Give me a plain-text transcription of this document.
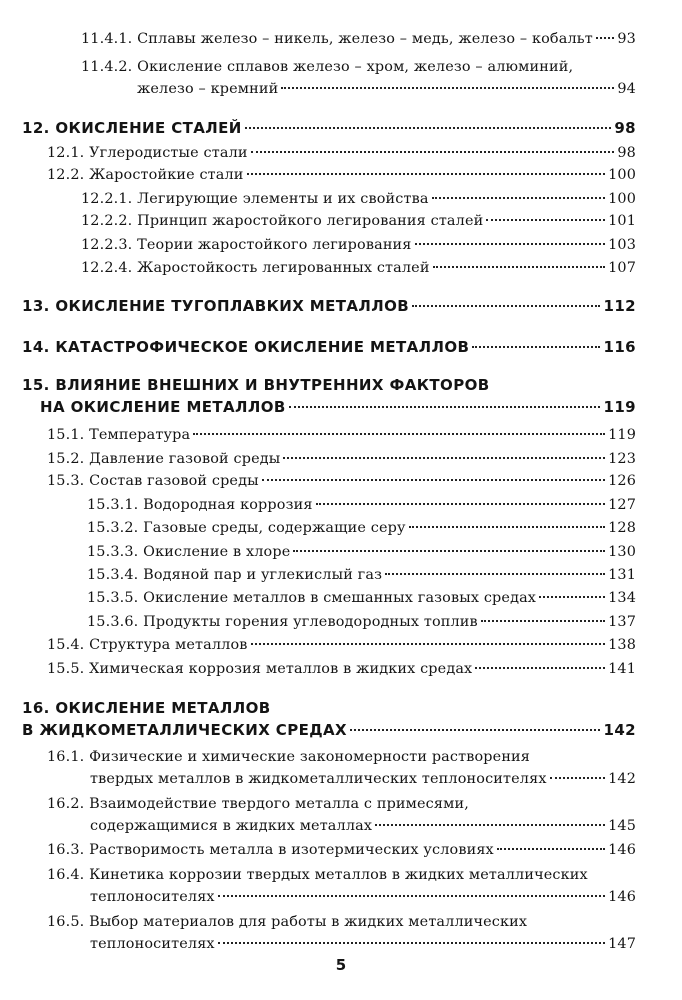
11.4.1. Сплавы железо – никель, железо – медь, железо – кобальт 93
11.4.2. Окисление сплавов железо – хром, железо – алюминий,
железо – кремний	94
12. ОКИСЛЕНИЕ СТАЛЕЙ	98
12.1. Углеродистые стали	98
12.2. Жаростойкие стали	100
12.2.1. Легирующие элементы и их свойства	100
12.2.2. Принцип жаростойкого легирования сталей	101
12.2.3. Теории жаростойкого легирования	103
12.2.4. Жаростойкость легированных сталей	107
13. ОКИСЛЕНИЕ ТУГОПЛАВКИХ МЕТАЛЛОВ	112
14. КАТАСТРОФИЧЕСКОЕ ОКИСЛЕНИЕ МЕТАЛЛОВ	116
15. ВЛИЯНИЕ ВНЕШНИХ И ВНУТРЕННИХ ФАКТОРОВ
НА ОКИСЛЕНИЕ МЕТАЛЛОВ	119
15.1. Температура	119
15.2. Давление газовой среды	123
15.3. Состав газовой среды	126
15.3.1. Водородная коррозия	127
15.3.2. Газовые среды, содержащие серу	128
15.3.3. Окисление в хлоре	130
15.3.4. Водяной пар и углекислый газ	131
15.3.5. Окисление металлов в смешанных газовых средах	134
15.3.6. Продукты горения углеводородных топлив	137
15.4. Структура металлов	138
15.5. Химическая коррозия металлов в жидких средах	141
16. ОКИСЛЕНИЕ МЕТАЛЛОВ
В ЖИДКОМЕТАЛЛИЧЕСКИХ СРЕДАХ	142
16.1. Физические и химические закономерности растворения
твердых металлов в жидкометаллических теплоносителях	142
16.2. Взаимодействие твердого металла с примесями,
содержащимися в жидких металлах	145
16.3. Растворимость металла в изотермических условиях	146
16.4. Кинетика коррозии твердых металлов в жидких металлических
теплоносителях	146
16.5. Выбор материалов для работы в жидких металлических
теплоносителях	147
5
